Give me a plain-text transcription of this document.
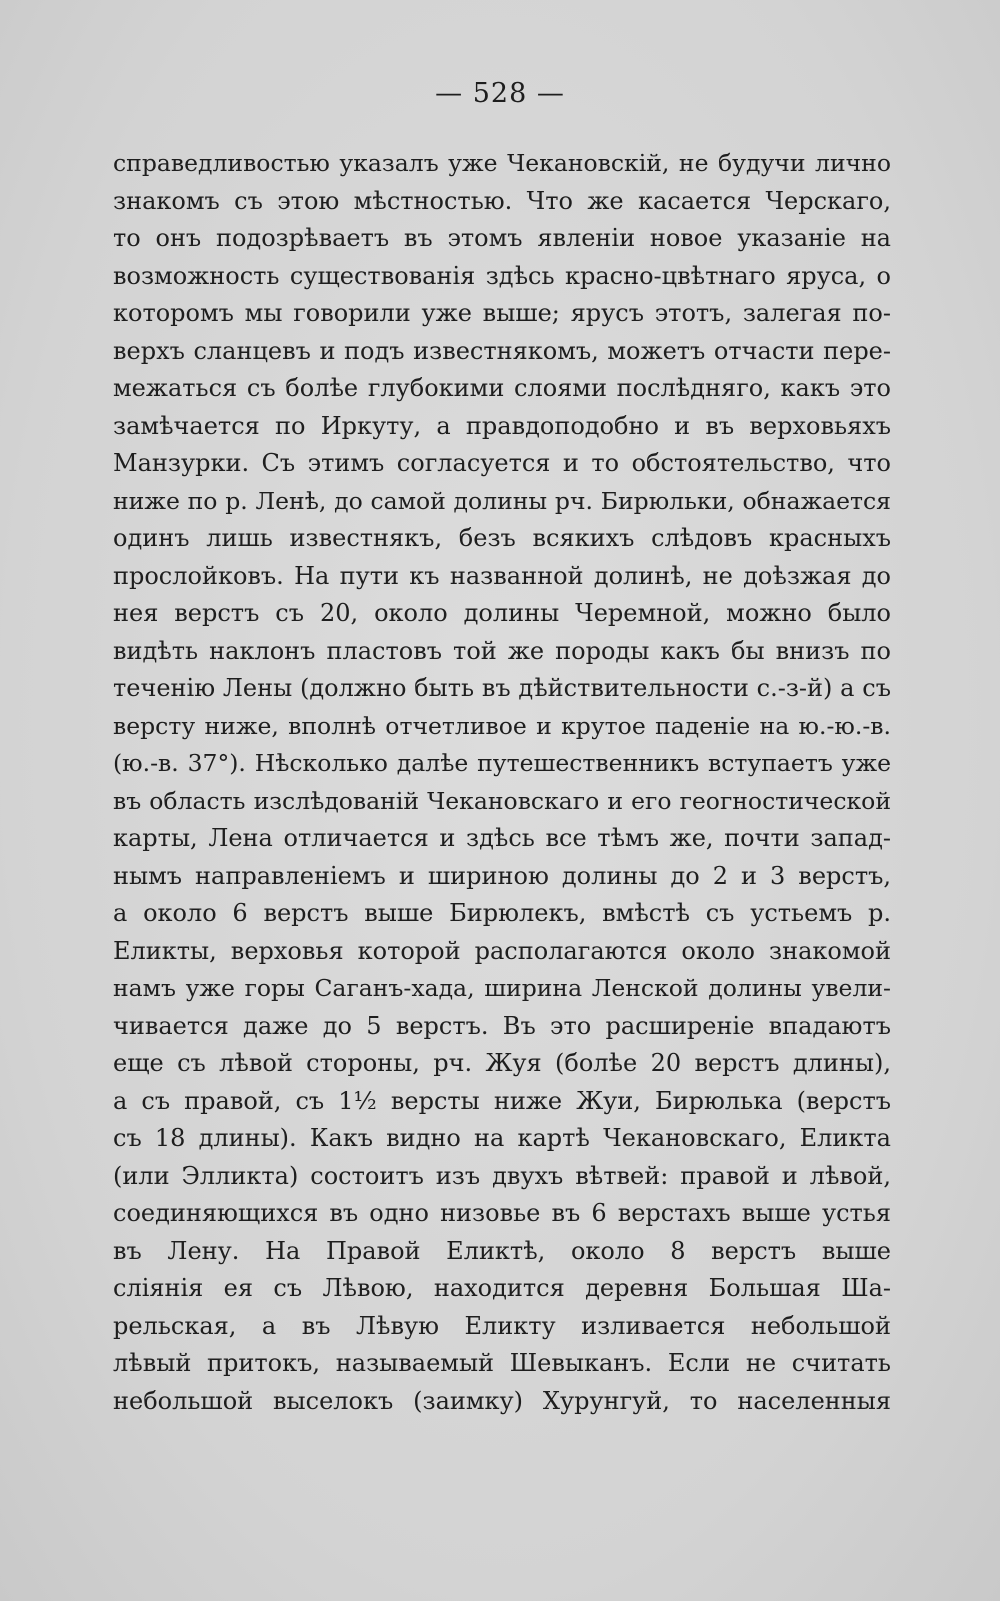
— 528 —
справедливостью указалъ уже Чекановскій, не будучи лично
знакомъ съ этою мѣстностью. Что же касается Черскаго,
то онъ подозрѣваетъ въ этомъ явленіи новое указаніе на
возможность существованія здѣсь красно-цвѣтнаго яруса, о
которомъ мы говорили уже выше; ярусъ этотъ, залегая по-
верхъ сланцевъ и подъ известнякомъ, можетъ отчасти пере-
межаться съ болѣе глубокими слоями послѣдняго, какъ это
замѣчается по Иркуту, а правдоподобно и въ верховьяхъ
Манзурки. Съ этимъ согласуется и то обстоятельство, что
ниже по р. Ленѣ, до самой долины рч. Бирюльки, обнажается
одинъ лишь известнякъ, безъ всякихъ слѣдовъ красныхъ
прослойковъ. На пути къ названной долинѣ, не доѣзжая до
нея верстъ съ 20, около долины Черемной, можно было
видѣть наклонъ пластовъ той же породы какъ бы внизъ по
теченію Лены (должно быть въ дѣйствительности с.-з-й) а съ
версту ниже, вполнѣ отчетливое и крутое паденіе на ю.-ю.-в.
(ю.-в. 37°). Нѣсколько далѣе путешественникъ вступаетъ уже
въ область изслѣдованій Чекановскаго и его геогностической
карты, Лена отличается и здѣсь все тѣмъ же, почти запад-
нымъ направленіемъ и шириною долины до 2 и 3 верстъ,
а около 6 верстъ выше Бирюлекъ, вмѣстѣ съ устьемъ р.
Еликты, верховья которой располагаются около знакомой
намъ уже горы Саганъ-хада, ширина Ленской долины увели-
чивается даже до 5 верстъ. Въ это расширеніе впадаютъ
еще съ лѣвой стороны, рч. Жуя (болѣе 20 верстъ длины),
а съ правой, съ 1½ версты ниже Жуи, Бирюлька (верстъ
съ 18 длины). Какъ видно на картѣ Чекановскаго, Еликта
(или Элликта) состоитъ изъ двухъ вѣтвей: правой и лѣвой,
соединяющихся въ одно низовье въ 6 верстахъ выше устья
въ Лену. На Правой Еликтѣ, около 8 верстъ выше
сліянія ея съ Лѣвою, находится деревня Большая Ша-
рельская, а въ Лѣвую Еликту изливается небольшой
лѣвый притокъ, называемый Шевыканъ. Если не считать
небольшой выселокъ (заимку) Хурунгуй, то населенныя
